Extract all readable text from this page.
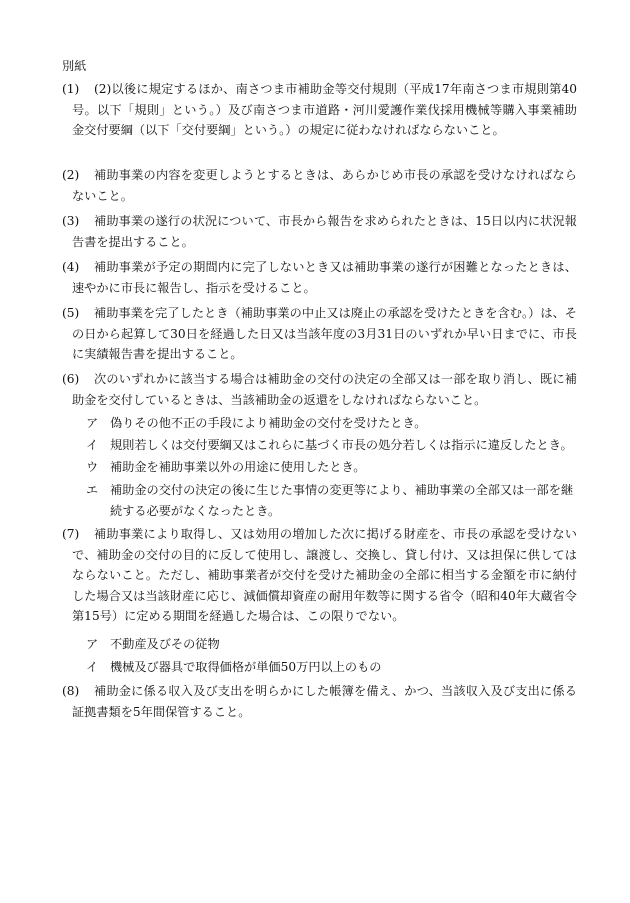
別紙
(1)	(2)以後に規定するほか、南さつま市補助金等交付規則（平成17年南さつま市規則第40号。以下「規則」という。）及び南さつま市道路・河川愛護作業伐採用機械等購入事業補助金交付要綱（以下「交付要綱」という。）の規定に従わなければならないこと。
(2)	補助事業の内容を変更しようとするときは、あらかじめ市長の承認を受けなければならないこと。
(3)	補助事業の遂行の状況について、市長から報告を求められたときは、15日以内に状況報告書を提出すること。
(4)	補助事業が予定の期間内に完了しないとき又は補助事業の遂行が困難となったときは、速やかに市長に報告し、指示を受けること。
(5)	補助事業を完了したとき（補助事業の中止又は廃止の承認を受けたときを含む。）は、その日から起算して30日を経過した日又は当該年度の3月31日のいずれか早い日までに、市長に実績報告書を提出すること。
(6)	次のいずれかに該当する場合は補助金の交付の決定の全部又は一部を取り消し、既に補助金を交付しているときは、当該補助金の返還をしなければならないこと。
ア 偽りその他不正の手段により補助金の交付を受けたとき。
イ 規則若しくは交付要綱又はこれらに基づく市長の処分若しくは指示に違反したとき。
ウ 補助金を補助事業以外の用途に使用したとき。
エ 補助金の交付の決定の後に生じた事情の変更等により、補助事業の全部又は一部を継続する必要がなくなったとき。
(7)	補助事業により取得し、又は効用の増加した次に掲げる財産を、市長の承認を受けないで、補助金の交付の目的に反して使用し、譲渡し、交換し、貸し付け、又は担保に供してはならないこと。ただし、補助事業者が交付を受けた補助金の全部に相当する金額を市に納付した場合又は当該財産に応じ、減価償却資産の耐用年数等に関する省令（昭和40年大蔵省令第15号）に定める期間を経過した場合は、この限りでない。
ア 不動産及びその従物
イ 機械及び器具で取得価格が単価50万円以上のもの
(8)	補助金に係る収入及び支出を明らかにした帳簿を備え、かつ、当該収入及び支出に係る証拠書類を5年間保管すること。
